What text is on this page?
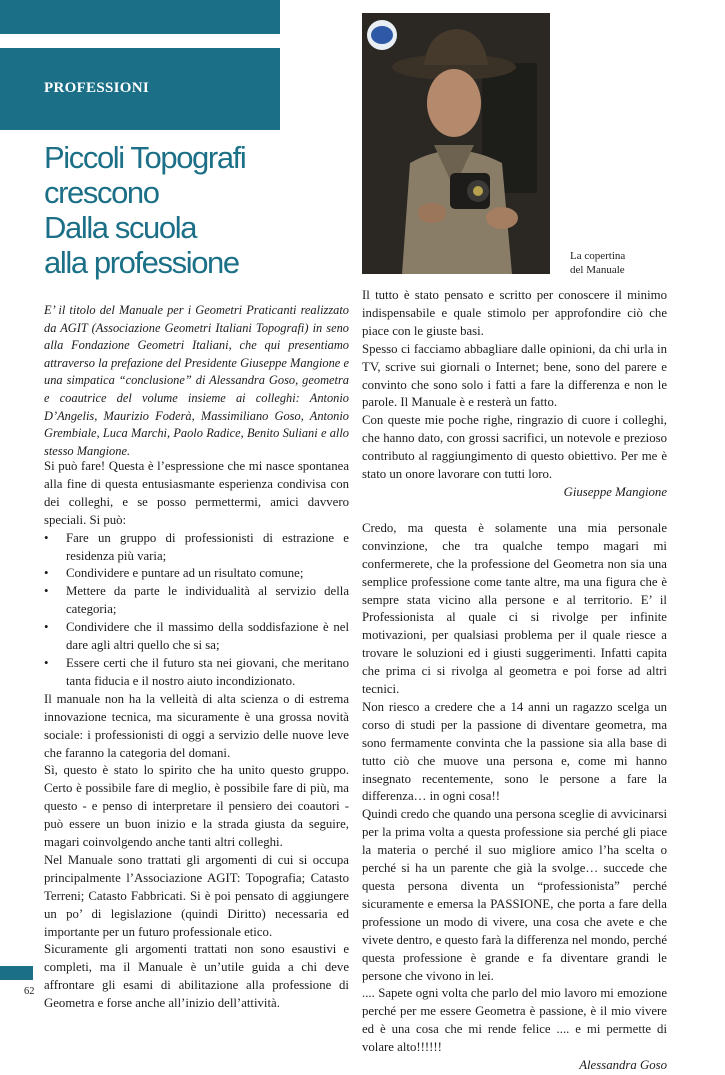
PROFESSIONI
Piccoli Topografi
crescono
Dalla scuola
alla professione
E’ il titolo del Manuale per i Geometri Praticanti realizzato da AGIT (Associazione Geometri Italiani Topografi) in seno alla Fondazione Geometri Italiani, che qui presentiamo attraverso la prefazione del Presidente Giuseppe Mangione e una simpatica “conclusione” di Alessandra Goso, geometra e coautrice del volume insieme ai colleghi: Antonio D’Angelis, Maurizio Foderà, Massimiliano Goso, Antonio Grembiale, Luca Marchi, Paolo Radice, Benito Suliani e allo stesso Mangione.

Si può fare! Questa è l’espressione che mi nasce spontanea alla fine di questa entusiasmante esperienza condivisa con dei colleghi, e se posso permettermi, amici davvero speciali. Si può:

• Fare un gruppo di professionisti di estrazione e residenza più varia;
• Condividere e puntare ad un risultato comune;
• Mettere da parte le individualità al servizio della categoria;
• Condividere che il massimo della soddisfazione è nel dare agli altri quello che si sa;
• Essere certi che il futuro sta nei giovani, che meritano tanta fiducia e il nostro aiuto incondizionato.

Il manuale non ha la velleità di alta scienza o di estrema innovazione tecnica, ma sicuramente è una grossa novità sociale: i professionisti di oggi a servizio delle nuove leve che faranno la categoria del domani.

Sì, questo è stato lo spirito che ha unito questo gruppo. Certo è possibile fare di meglio, è possibile fare di più, ma questo - e penso di interpretare il pensiero dei coautori - può essere un buon inizio e la strada giusta da seguire, magari coinvolgendo anche tanti altri colleghi.

Nel Manuale sono trattati gli argomenti di cui si occupa principalmente l’Associazione AGIT: Topografia; Catasto Terreni; Catasto Fabbricati. Si è poi pensato di aggiungere un po’ di legislazione (quindi Diritto) necessaria ed importante per un futuro professionale etico.

Sicuramente gli argomenti trattati non sono esaustivi e completi, ma il Manuale è un’utile guida a chi deve affrontare gli esami di abilitazione alla professione di Geometra e forse anche all’inizio dell’attività.

La copertina
del Manuale

Il tutto è stato pensato e scritto per conoscere il minimo indispensabile e quale stimolo per approfondire ciò che piace con le giuste basi.

Spesso ci facciamo abbagliare dalle opinioni, da chi urla in TV, scrive sui giornali o Internet; bene, sono del parere e convinto che sono solo i fatti a fare la differenza e non le parole. Il Manuale è e resterà un fatto.

Con queste mie poche righe, ringrazio di cuore i colleghi, che hanno dato, con grossi sacrifici, un notevole e prezioso contributo al raggiungimento di questo obiettivo. Per me è stato un onore lavorare con tutti loro.

Giuseppe Mangione

Credo, ma questa è solamente una mia personale convinzione, che tra qualche tempo magari mi confermerete, che la professione del Geometra non sia una semplice professione come tante altre, ma una figura che è sempre stata vicino alla persone e al territorio. E’ il Professionista al quale ci si rivolge per infinite motivazioni, per qualsiasi problema per il quale riesce a trovare le soluzioni ed i giusti suggerimenti. Infatti capita che prima ci si rivolga al geometra e poi forse ad altri tecnici.

Non riesco a credere che a 14 anni un ragazzo scelga un corso di studi per la passione di diventare geometra, ma sono fermamente convinta che la passione sia alla base di tutto ciò che muove una persona e, come mi hanno insegnato recentemente, sono le persone a fare la differenza… in ogni cosa!!

Quindi credo che quando una persona sceglie di avvicinarsi per la prima volta a questa professione sia perché gli piace la materia o perché il suo migliore amico l’ha scelta o perché si ha un parente che già la svolge… succede che questa persona diventa un “professionista” perché sicuramente e emersa la PASSIONE, che porta a fare della professione un modo di vivere, una cosa che avete e che vivete dentro, e questo farà la differenza nel mondo, perché questa professione è grande e fa diventare grandi le persone che vivono in lei.

.... Sapete ogni volta che parlo del mio lavoro mi emozione perché per me essere Geometra è passione, è il mio vivere ed è una cosa che mi rende felice .... e mi permette di volare alto!!!!!!

Alessandra Goso

62
